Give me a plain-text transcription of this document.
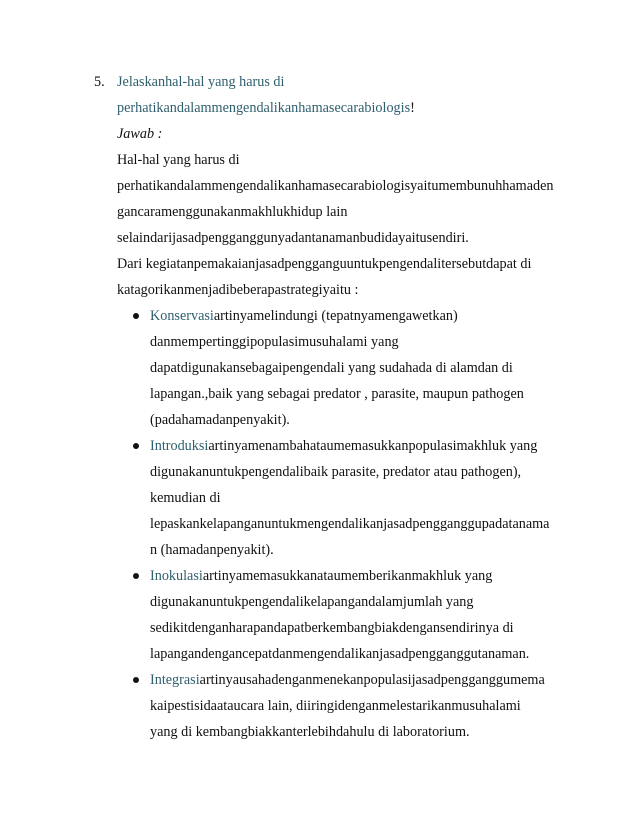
5. Jelaskanhal-hal yang harus di
perhatikandalammengendalikanhamasecarabiologis!
Jawab :
Hal-hal yang harus di
perhatikandalammengendalikanhamasecarabiologisyaitumembunuhhamaden
gancaramenggunakanmakhlukhidup lain
selaindarijasadpengganggunyadantanamanbudidayaitusendiri.
Dari kegiatanpemakaianjasadpengganguuntukpengendalitersebutdapat di
katagorikanmenjadibeberapastrategiyaitu :
Konservasiartinyamelindungi (tepatnyamengawetkan)
danmempertinggipopulasimusuhalami yang
dapatdigunakansebagaipengendali yang sudahada di alamdan di
lapangan.,baik yang sebagai predator , parasite, maupun pathogen
(padahamadanpenyakit).
Introduksiartinyamenambahataumemasukkanpopulasimakhluk yang
digunakanuntukpengendalibaik parasite, predator atau pathogen),
kemudian di
lepaskankelapanganuntukmengendalikanjasadpengganggupadatanama
n (hamadanpenyakit).
Inokulasiartinyamemasukkanataumemberikanmakhluk yang
digunakanuntukpengendalikelapangandalamjumlah yang
sedikitdenganharapandapatberkembangbiakdengansendirinya di
lapangandengancepatdanmengendalikanjasadpengganggutanaman.
Integrasiartinyausahadenganmenekanpopulasijasadpengganggumema
kaipestisidaataucara lain, diiringidenganmelestarikanmusuhalami
yang di kembangbiakkanterlebihdahulu di laboratorium.
